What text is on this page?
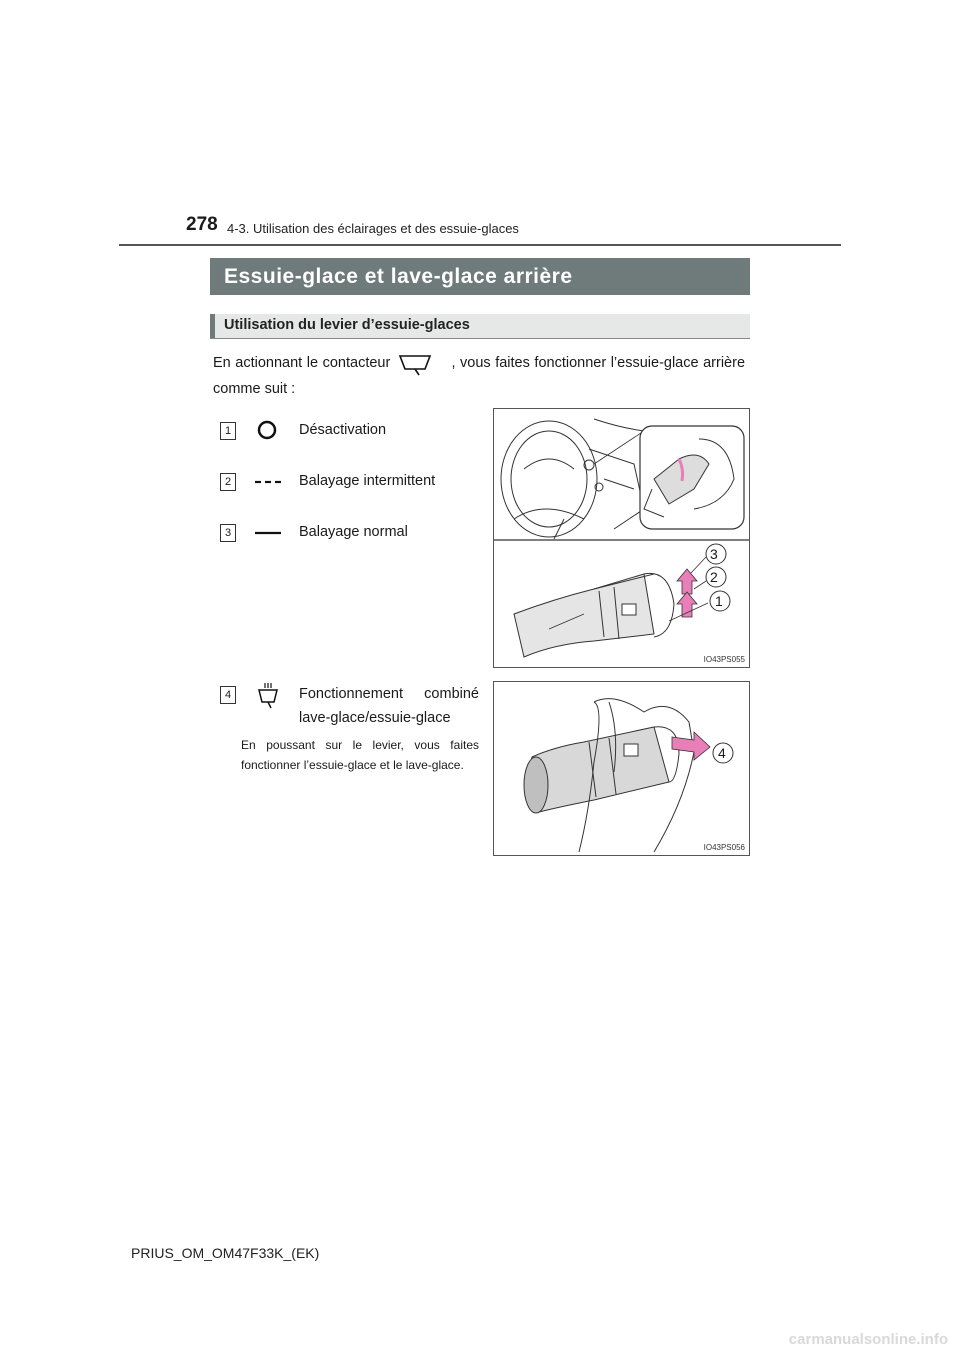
278 4-3. Utilisation des éclairages et des essuie-glaces
Essuie-glace et lave-glace arrière
Utilisation du levier d’essuie-glaces
En actionnant le contacteur	, vous faites fonctionner l’essuie-glace arrière comme suit :
1	Désactivation
2	Balayage intermittent
3	Balayage normal
3
2
1
IO43PS055
4	Fonctionnement combiné lave-glace/essuie-glace
En poussant sur le levier, vous faites fonctionner l’essuie-glace et le lave-glace.
4
IO43PS056
PRIUS_OM_OM47F33K_(EK)
carmanualsonline.info
